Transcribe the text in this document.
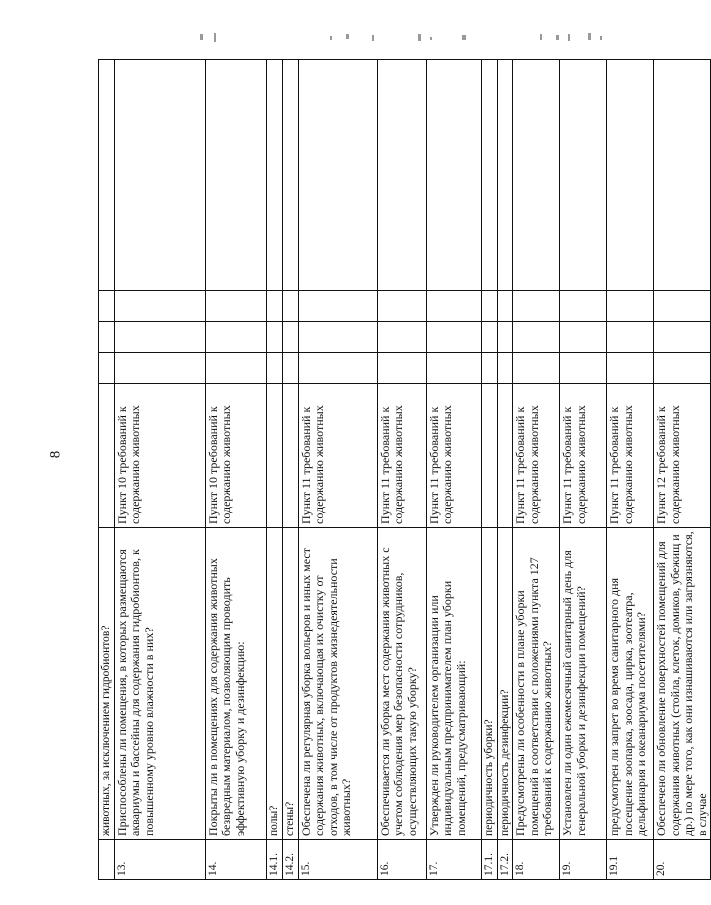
8
	животных, за исключением гидробионтов?					
13.	Приспособлены ли помещения, в которых размещаются аквариумы и бассейны для содержания гидробионтов, к повышенному уровню влажности в них?	Пункт 10 требований к содержанию животных				
14.	Покрыты ли в помещениях для содержания животных безвредным материалом, позволяющим проводить эффективную уборку и дезинфекцию:	Пункт 10 требований к содержанию животных				
14.1.	полы?					
14.2.	стены?					
15.	Обеспечена ли регулярная уборка вольеров и иных мест содержания животных, включающая их очистку от отходов, в том числе от продуктов жизнедеятельности животных?	Пункт 11 требований к содержанию животных				
16.	Обеспечивается ли уборка мест содержания животных с учетом соблюдения мер безопасности сотрудников, осуществляющих такую уборку?	Пункт 11 требований к содержанию животных				
17.	Утвержден ли руководителем организации или индивидуальным предпринимателем план уборки помещений, предусматривающий:	Пункт 11 требований к содержанию животных				
17.1.	периодичность уборки?					
17.2.	периодичность дезинфекции?					
18.	Предусмотрены ли особенности в плане уборки помещений в соответствии с положениями пункта 127 требований к содержанию животных?	Пункт 11 требований к содержанию животных				
19.	Установлен ли один ежемесячный санитарный день для генеральной уборки и дезинфекции помещений?	Пункт 11 требований к содержанию животных				
19.1	предусмотрен ли запрет во время санитарного дня посещение зоопарка, зоосада, цирка, зоотеатра, дельфинария и океанариума посетителями?	Пункт 11 требований к содержанию животных				
20.	Обеспечено ли обновление поверхностей помещений для содержания животных (стойла, клеток, домиков, убежищ и др.) по мере того, как они изнашиваются или загрязняются, в случае	Пункт 12 требований к содержанию животных				
